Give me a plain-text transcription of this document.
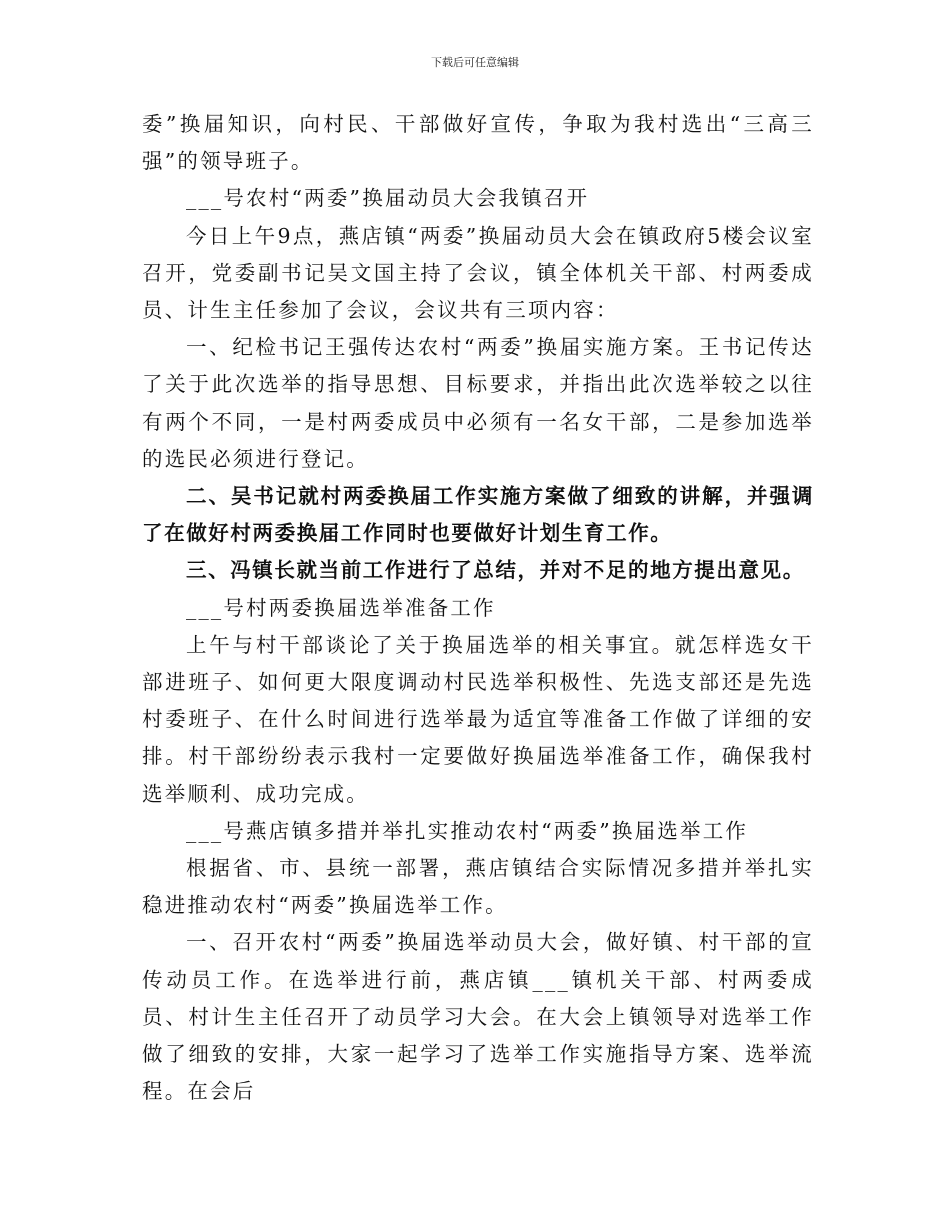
下载后可任意编辑

委”换届知识，向村民、干部做好宣传，争取为我村选出“三高三强”的领导班子。

___号农村“两委”换届动员大会我镇召开

今日上午9点，燕店镇“两委”换届动员大会在镇政府5楼会议室召开，党委副书记吴文国主持了会议，镇全体机关干部、村两委成员、计生主任参加了会议，会议共有三项内容：

一、纪检书记王强传达农村“两委”换届实施方案。王书记传达了关于此次选举的指导思想、目标要求，并指出此次选举较之以往有两个不同，一是村两委成员中必须有一名女干部，二是参加选举的选民必须进行登记。

二、吴书记就村两委换届工作实施方案做了细致的讲解，并强调了在做好村两委换届工作同时也要做好计划生育工作。

三、冯镇长就当前工作进行了总结，并对不足的地方提出意见。

___号村两委换届选举准备工作

上午与村干部谈论了关于换届选举的相关事宜。就怎样选女干部进班子、如何更大限度调动村民选举积极性、先选支部还是先选村委班子、在什么时间进行选举最为适宜等准备工作做了详细的安排。村干部纷纷表示我村一定要做好换届选举准备工作，确保我村选举顺利、成功完成。

___号燕店镇多措并举扎实推动农村“两委”换届选举工作

根据省、市、县统一部署，燕店镇结合实际情况多措并举扎实稳进推动农村“两委”换届选举工作。

一、召开农村“两委”换届选举动员大会，做好镇、村干部的宣传动员工作。在选举进行前，燕店镇___镇机关干部、村两委成员、村计生主任召开了动员学习大会。在大会上镇领导对选举工作做了细致的安排，大家一起学习了选举工作实施指导方案、选举流程。在会后
